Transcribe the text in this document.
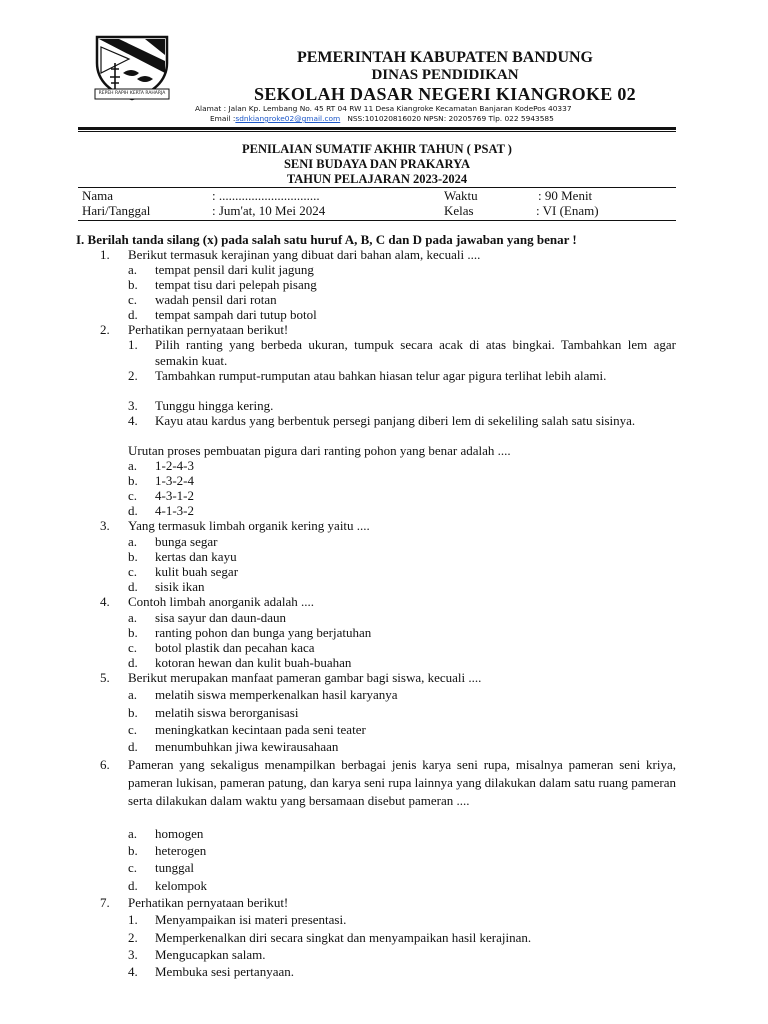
REPEH RAPIH KERTA RAHARJA
PEMERINTAH KABUPATEN BANDUNG
DINAS PENDIDIKAN
SEKOLAH DASAR NEGERI KIANGROKE 02
Alamat : Jalan Kp. Lembang No. 45 RT 04 RW 11 Desa Kiangroke Kecamatan Banjaran KodePos 40337
Email :sdnkiangroke02@gmail.com NSS:101020816020 NPSN: 20205769 Tlp. 022 5943585
PENILAIAN SUMATIF AKHIR TAHUN ( PSAT )
SENI BUDAYA DAN PRAKARYA
TAHUN PELAJARAN 2023-2024
Nama	: ...............................	Waktu	: 90 Menit
Hari/Tanggal	: Jum'at, 10 Mei 2024	Kelas	: VI (Enam)
I. Berilah tanda silang (x) pada salah satu huruf A, B, C dan D pada jawaban yang benar !
1. Berikut termasuk kerajinan yang dibuat dari bahan alam, kecuali ....
a. tempat pensil dari kulit jagung
b. tempat tisu dari pelepah pisang
c. wadah pensil dari rotan
d. tempat sampah dari tutup botol
2. Perhatikan pernyataan berikut!
1. Pilih ranting yang berbeda ukuran, tumpuk secara acak di atas bingkai. Tambahkan lem agar semakin kuat.
2. Tambahkan rumput-rumputan atau bahkan hiasan telur agar pigura terlihat lebih alami.
3. Tunggu hingga kering.
4. Kayu atau kardus yang berbentuk persegi panjang diberi lem di sekeliling salah satu sisinya.
Urutan proses pembuatan pigura dari ranting pohon yang benar adalah ....
a. 1-2-4-3
b. 1-3-2-4
c. 4-3-1-2
d. 4-1-3-2
3. Yang termasuk limbah organik kering yaitu ....
a. bunga segar
b. kertas dan kayu
c. kulit buah segar
d. sisik ikan
4. Contoh limbah anorganik adalah ....
a. sisa sayur dan daun-daun
b. ranting pohon dan bunga yang berjatuhan
c. botol plastik dan pecahan kaca
d. kotoran hewan dan kulit buah-buahan
5. Berikut merupakan manfaat pameran gambar bagi siswa, kecuali ....
a. melatih siswa memperkenalkan hasil karyanya
b. melatih siswa berorganisasi
c. meningkatkan kecintaan pada seni teater
d. menumbuhkan jiwa kewirausahaan
6. Pameran yang sekaligus menampilkan berbagai jenis karya seni rupa, misalnya pameran seni kriya, pameran lukisan, pameran patung, dan karya seni rupa lainnya yang dilakukan dalam satu ruang pameran serta dilakukan dalam waktu yang bersamaan disebut pameran ....
a. homogen
b. heterogen
c. tunggal
d. kelompok
7. Perhatikan pernyataan berikut!
1. Menyampaikan isi materi presentasi.
2. Memperkenalkan diri secara singkat dan menyampaikan hasil kerajinan.
3. Mengucapkan salam.
4. Membuka sesi pertanyaan.
